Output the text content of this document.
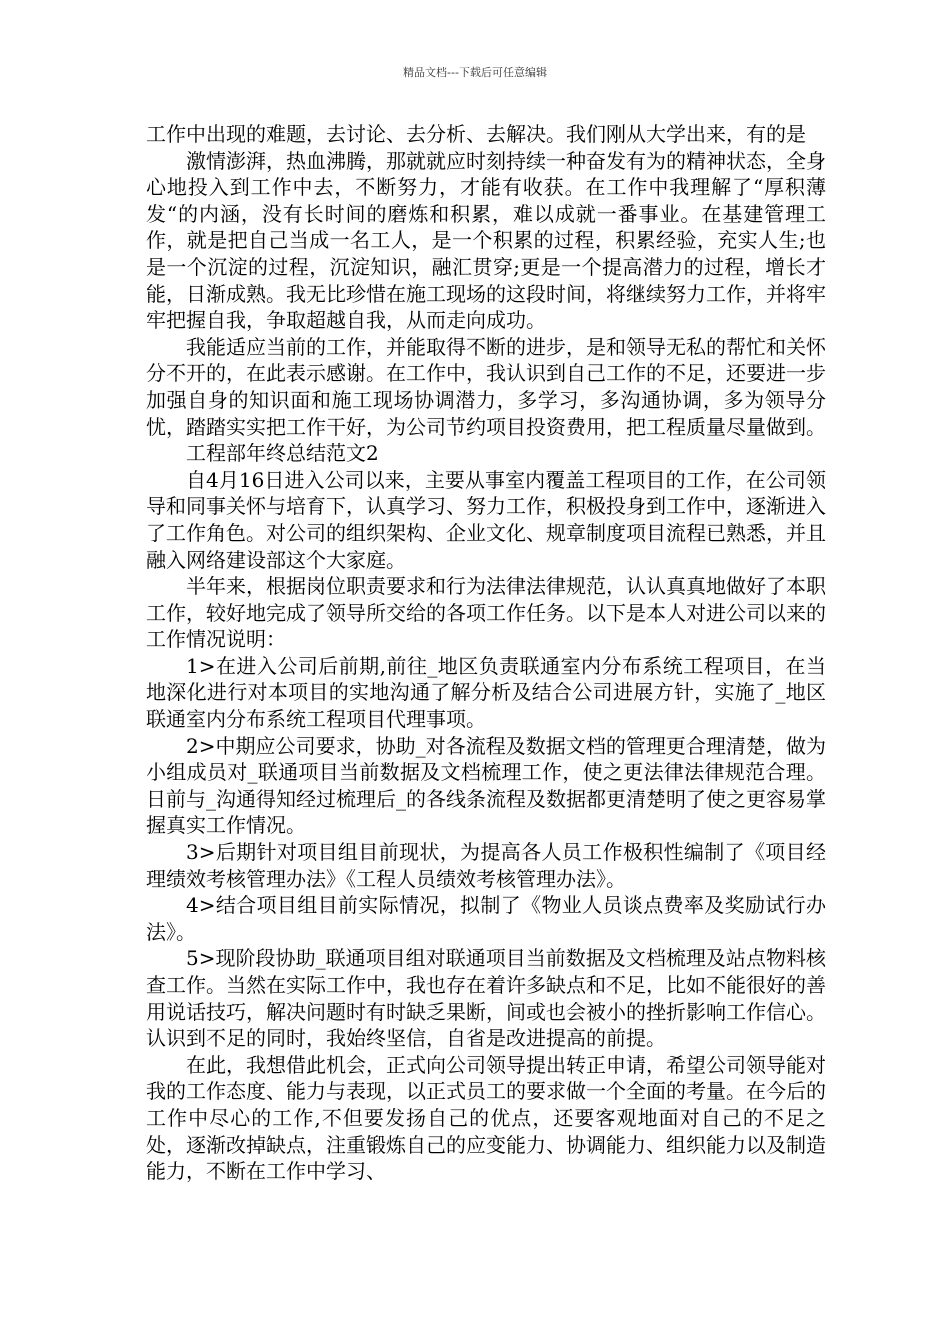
精品文档---下载后可任意编辑

工作中出现的难题，去讨论、去分析、去解决。我们刚从大学出来，有的是

激情澎湃，热血沸腾，那就就应时刻持续一种奋发有为的精神状态，全身心地投入到工作中去，不断努力，才能有收获。在工作中我理解了“厚积薄发“的内涵，没有长时间的磨炼和积累，难以成就一番事业。在基建管理工作，就是把自己当成一名工人，是一个积累的过程，积累经验，充实人生;也是一个沉淀的过程，沉淀知识，融汇贯穿;更是一个提高潜力的过程，增长才能，日渐成熟。我无比珍惜在施工现场的这段时间，将继续努力工作，并将牢牢把握自我，争取超越自我，从而走向成功。

我能适应当前的工作，并能取得不断的进步，是和领导无私的帮忙和关怀分不开的，在此表示感谢。在工作中，我认识到自己工作的不足，还要进一步加强自身的知识面和施工现场协调潜力，多学习，多沟通协调，多为领导分忧，踏踏实实把工作干好，为公司节约项目投资费用，把工程质量尽量做到。

工程部年终总结范文2

自4月16日进入公司以来，主要从事室内覆盖工程项目的工作，在公司领导和同事关怀与培育下，认真学习、努力工作，积极投身到工作中，逐渐进入了工作角色。对公司的组织架构、企业文化、规章制度项目流程已熟悉，并且融入网络建设部这个大家庭。

半年来，根据岗位职责要求和行为法律法律规范，认认真真地做好了本职工作，较好地完成了领导所交给的各项工作任务。以下是本人对进公司以来的工作情况说明：

1>在进入公司后前期,前往_地区负责联通室内分布系统工程项目，在当地深化进行对本项目的实地沟通了解分析及结合公司进展方针，实施了_地区联通室内分布系统工程项目代理事项。

2>中期应公司要求，协助_对各流程及数据文档的管理更合理清楚，做为小组成员对_联通项目当前数据及文档梳理工作，使之更法律法律规范合理。日前与_沟通得知经过梳理后_的各线条流程及数据都更清楚明了使之更容易掌握真实工作情况。

3>后期针对项目组目前现状，为提高各人员工作极积性编制了《项目经理绩效考核管理办法》《工程人员绩效考核管理办法》。

4>结合项目组目前实际情况，拟制了《物业人员谈点费率及奖励试行办法》。

5>现阶段协助_联通项目组对联通项目当前数据及文档梳理及站点物料核查工作。当然在实际工作中，我也存在着许多缺点和不足，比如不能很好的善用说话技巧，解决问题时有时缺乏果断，间或也会被小的挫折影响工作信心。认识到不足的同时，我始终坚信，自省是改进提高的前提。

在此，我想借此机会，正式向公司领导提出转正申请，希望公司领导能对我的工作态度、能力与表现，以正式员工的要求做一个全面的考量。在今后的工作中尽心的工作,不但要发扬自己的优点，还要客观地面对自己的不足之处，逐渐改掉缺点，注重锻炼自己的应变能力、协调能力、组织能力以及制造能力，不断在工作中学习、
